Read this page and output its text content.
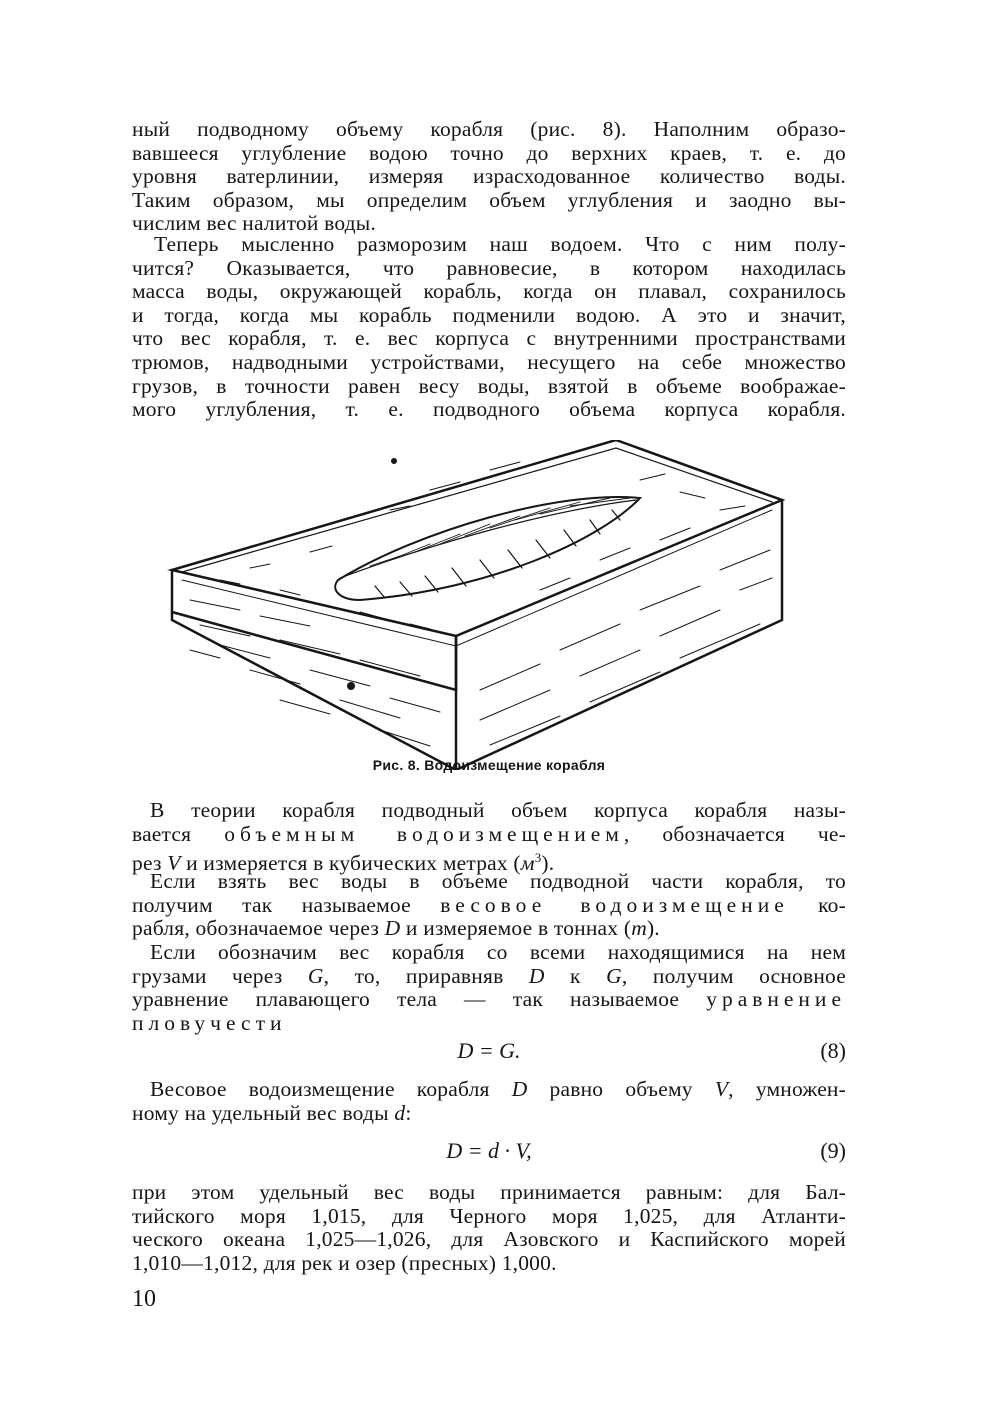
ный подводному объему корабля (рис. 8). Наполним образо-
вавшееся углубление водою точно до верхних краев, т. е. до
уровня ватерлинии, измеряя израсходованное количество воды.
Таким образом, мы определим объем углубления и заодно вы-
числим вес налитой воды.

Теперь мысленно разморозим наш водоем. Что с ним полу-
чится? Оказывается, что равновесие, в котором находилась
масса воды, окружающей корабль, когда он плавал, сохранилось
и тогда, когда мы корабль подменили водою. А это и значит,
что вес корабля, т. е. вес корпуса с внутренними пространствами
трюмов, надводными устройствами, несущего на себе множество
грузов, в точности равен весу воды, взятой в объеме воображае-
мого углубления, т. е. подводного объема корпуса корабля.

Рис. 8. Водоизмещение корабля

В теории корабля подводный объем корпуса корабля назы-
вается объемным водоизмещением, обозначается че-
рез V и измеряется в кубических метрах $(м^3)$.

Если взять вес воды в объеме подводной части корабля, то
получим так называемое весовое водоизмещение ко-
рабля, обозначаемое через D и измеряемое в тоннах (т).

Если обозначим вес корабля со всеми находящимися на нем
грузами через G, то, приравняв D к G, получим основное
уравнение плавающего тела — так называемое уравнение
пловучести

D = G.	(8)

Весовое водоизмещение корабля D равно объему V, умножен-
ному на удельный вес воды d:

D = d · V,	(9)

при этом удельный вес воды принимается равным: для Бал-
тийского моря 1,015, для Черного моря 1,025, для Атланти-
ческого океана 1,025—1,026, для Азовского и Каспийского морей
1,010—1,012, для рек и озер (пресных) 1,000.

10
